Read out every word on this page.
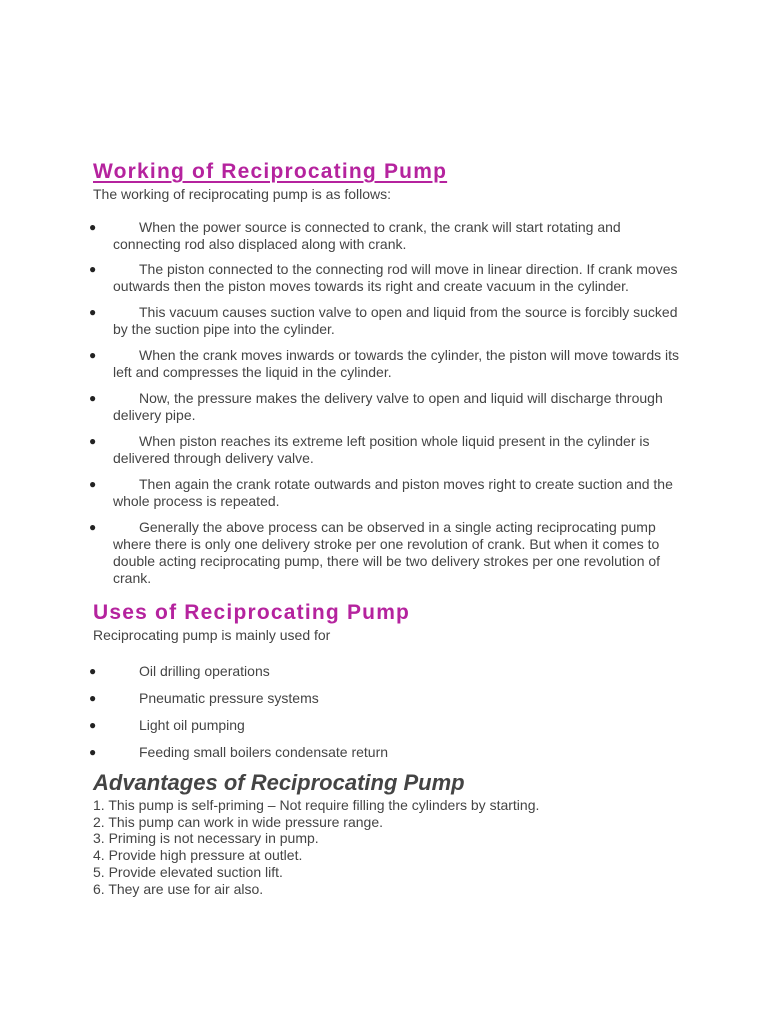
Working of Reciprocating Pump

The working of reciprocating pump is as follows:

●	When the power source is connected to crank, the crank will start rotating and connecting rod also displaced along with crank.
●	The piston connected to the connecting rod will move in linear direction. If crank moves outwards then the piston moves towards its right and create vacuum in the cylinder.
●	This vacuum causes suction valve to open and liquid from the source is forcibly sucked by the suction pipe into the cylinder.
●	When the crank moves inwards or towards the cylinder, the piston will move towards its left and compresses the liquid in the cylinder.
●	Now, the pressure makes the delivery valve to open and liquid will discharge through delivery pipe.
●	When piston reaches its extreme left position whole liquid present in the cylinder is delivered through delivery valve.
●	Then again the crank rotate outwards and piston moves right to create suction and the whole process is repeated.
●	Generally the above process can be observed in a single acting reciprocating pump where there is only one delivery stroke per one revolution of crank. But when it comes to double acting reciprocating pump, there will be two delivery strokes per one revolution of crank.
Uses of Reciprocating Pump

Reciprocating pump is mainly used for

●	Oil drilling operations
●	Pneumatic pressure systems
●	Light oil pumping
●	Feeding small boilers condensate return
Advantages of Reciprocating Pump
1. This pump is self-priming – Not require filling the cylinders by starting.
2. This pump can work in wide pressure range.
3. Priming is not necessary in pump.
4. Provide high pressure at outlet.
5. Provide elevated suction lift.
6. They are use for air also.
